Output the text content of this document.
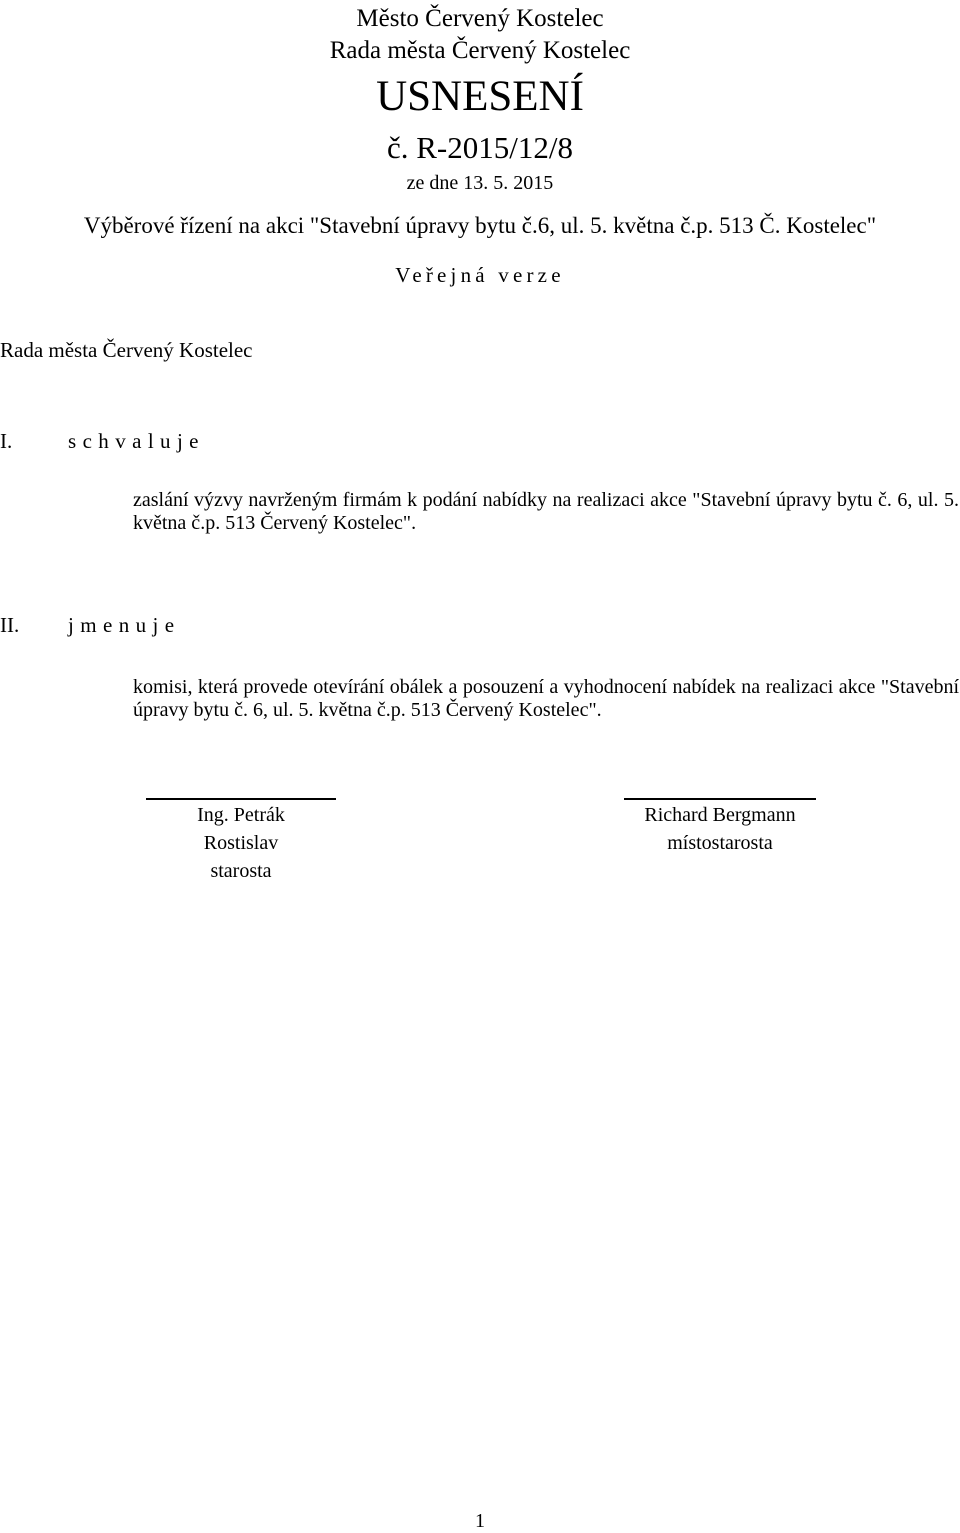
Město Červený Kostelec
Rada města Červený Kostelec
USNESENÍ
č. R-2015/12/8
ze dne 13. 5. 2015
Výběrové řízení na akci "Stavební úpravy bytu č.6, ul. 5. května č.p. 513 Č. Kostelec"
Veřejná verze
Rada města Červený Kostelec
I.	schvaluje
zaslání výzvy navrženým firmám k podání nabídky na realizaci akce "Stavební úpravy bytu č. 6, ul. 5. května č.p. 513 Červený Kostelec".
II. jmenuje
komisi, která provede otevírání obálek a posouzení a vyhodnocení nabídek na realizaci akce "Stavební úpravy bytu č. 6, ul. 5. května č.p. 513 Červený Kostelec".
Ing. Petrák
Rostislav
starosta
Richard Bergmann
místostarosta
1
